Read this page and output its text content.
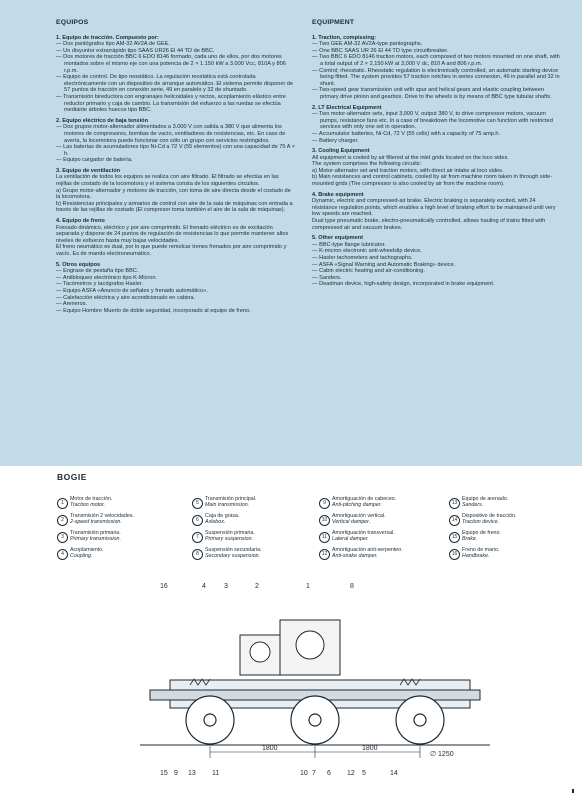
EQUIPOS
1. Equipo de tracción. Compuesto por:
— Dos pantógrafos tipo AM-32 AV2A de GEE.
— Un disyuntor extrarrápido tipo SAAS UR26 El 44 TD de BBC.
— Dos motores de tracción BBC 6 EDO 8146 formado, cada uno de ellos, por dos motores montados sobre el mismo eje con una potencia de 2 × 1.150 kW a 3.000 Vcc, 810A y 806 r.p.m.
— Equipo de control. De tipo reostático. La regulación reostática está controlada electrónicamente con un dispositivo de arranque automático. El sistema permite disponer de 57 puntos de tracción en conexión serie, 49 en paralelo y 32 de shuntado.
— Transmisión bireductora con engranajes helicoidales y rectos, acoplamiento elástico entre reductor primario y caja de cambio. La transmisión del esfuerzo a las ruedas se efectúa mediante árboles huecos tipo BBC.
2. Equipo eléctrico de baja tensión
— Dos grupos motor-alternador alimentados a 3.000 V con salida a 380 V que alimenta los motores de compresores, bombas de vacío, ventiladores de resistencias, etc. En caso de avería, la locomotora puede funcionar con sólo un grupo con servicios restringidos.
— Las baterías de acumuladores tipo Ni-Cd a 72 V (55 elementos) con una capacidad de 75 A × h.
— Equipo cargador de batería.
3. Equipo de ventilación
La ventilación de todos los equipos se realiza con aire filtrado. El filtrado se efectúa en las rejillas de costado de la locomotora y el sistema consta de los siguientes circuitos.
a) Grupo motor-alternador y motores de tracción, con toma de aire directa desde el costado de la locomotora.
b) Resistencias principales y armarios de control con aire de la sala de máquinas con entrada a través de las rejillas de costado (El compresor toma también el aire de la sala de máquinas).
4. Equipo de freno
Frenado dinámico, eléctrico y por aire comprimido. El frenado eléctrico es de excitación separada y dispone de 24 puntos de regulación de resistencias lo que permite mantener altos niveles de esfuerzo hasta muy bajas velocidades.
El freno neumático es dual, por lo que puede remolcar trenes frenados por aire comprimido y vacío. Es de mando electroneumático.
5. Otros equipos
— Engrase de pestaña tipo BBC.
— Antibloqueo electrónico tipo K-Micron.
— Tacómetros y tacógrafos Hasler.
— Equipo ASFA «Anuncio de señales y frenado automático».
— Calefacción eléctrica y aire acondicionado en cabina.
— Areneros.
— Equipo Hombre Muerto de doble seguridad, incorporado al equipo de freno.
EQUIPMENT
1. Traction, compissing:
— Two GEE AM-32 AV2A-type pantographs.
— One BBC SAAS UR 26 El 44 TD type circuitbreaker.
— Two BBC 6 EDO 8146 traction motors, each composed of two motors mounted on one shaft, with a total output of 2 × 2,150 kW at 3,000 V dc, 810 A and 806 r.p.m.
— Control; rheostatic. Rheostatic regulation is electronically controlled, an automatic starting device being fitted. The system provides 57 traction notches in series connexion, 49 in parallel and 32 in shunt.
— Two-speed gear transmission unit with spur and helical gears and elastic coupling between primary drive pinion and gearbox. Drive to the wheels is by means of BBC type tubular shafts.
2. LT Electrical Equipment
— Two motor-alternator sets, input 3,000 V, output 380 V, to drive compressor motors, vacuum pumps, resistance fans etc. In a case of breakdown the locomotive can function with restricted services with only one set in operation.
— Accumulator batteries, Ni-Cd, 72 V (55 cells) with a capacity of 75 amp.h.
— Battery charger.
3. Cooling Equipment
All equipment is cooled by air filtered at the inlet grids located on the loco sides.
The system comprises the following circuits:
a) Motor-alternator set and traction motors, with direct air intake at loco sides.
b) Main resistances and control cabinets, cooled by air from machine room taken in through side-mounted grids (The compressor is also cooled by air from the machine room).
4. Brake equipment
Dynamic, electric and compressed-air brake. Electric braking is separately excited, with 24 résistance regulation points, which enables a high level of braking effort to be maintained until very low speeds are reached.
Dual type pneumatic brake, electro-pneumatically controlled, allows hauling of trains fitted with compressed air and vacuum brakes.
5. Other equipment
— BBC-type flange lubricator.
— K-micron electronic anti-wheelslip device.
— Hasler tachometers and tachographs.
— ASFA «Signal Warning and Automatic Braking» device.
— Cabin electric heating and air-conditioning.
— Sanders.
— Deadman device, high-safety design, incorporated in brake equipment.
BOGIE
1
Motor de tracción.
Traction motor.
2
Transmisión 2 velocidades.
2-speed transmission.
3
Transmisión primaria.
Primary transmission.
4
Acoplamiento.
Coupling.
5
Transmisión principal.
Main transmission.
6
Caja de grasa.
Axlebox.
7
Suspensión primaria.
Primary suspension.
8
Suspensión secundaria.
Secondary suspension.
9
Amortiguación de cabeceo.
Anti-pitching damper.
10
Amortiguación vertical.
Vertical damper.
11
Amortiguación transversal.
Lateral damper.
12
Amortiguación anti-serpenteo.
Anti-snake damper.
13
Equipo de arenado.
Sanders.
14
Dispositivo de tracción.
Traction device.
15
Equipo de freno.
Brake.
16
Freno de mano.
Handbrake.
1800	1800
∅ 1250
16	4	3	2	1	8
15 9 13 11	10 7 6 12 5	14
